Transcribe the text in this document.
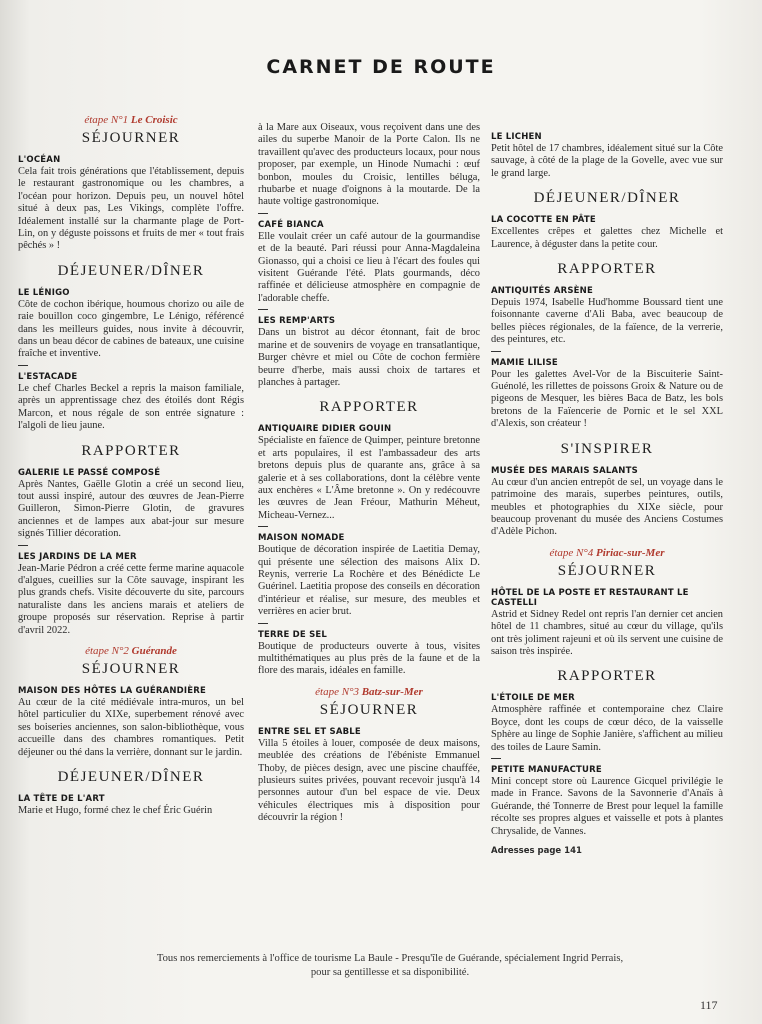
CARNET DE ROUTE
étape N°1 Le Croisic
SÉJOURNER
L'OCÉAN

Cela fait trois générations que l'établissement, depuis le restaurant gastronomique ou les chambres, a l'océan pour horizon. Depuis peu, un nouvel hôtel situé à deux pas, Les Vikings, complète l'offre. Idéalement installé sur la charmante plage de Port-Lin, on y déguste poissons et fruits de mer « tout frais pêchés » !

DÉJEUNER/DÎNER
LE LÉNIGO

Côte de cochon ibérique, houmous chorizo ou aile de raie bouillon coco gingembre, Le Lénigo, référencé dans les meilleurs guides, nous invite à découvrir, dans un beau décor de cabines de bateaux, une cuisine fraîche et inventive.

L'ESTACADE

Le chef Charles Beckel a repris la maison familiale, après un apprentissage chez des étoilés dont Régis Marcon, et nous régale de son entrée signature : l'algoli de lieu jaune.

RAPPORTER
GALERIE LE PASSÉ COMPOSÉ

Après Nantes, Gaëlle Glotin a créé un second lieu, tout aussi inspiré, autour des œuvres de Jean-Pierre Guilleron, Simon-Pierre Glotin, de gravures anciennes et de lampes aux abat-jour sur mesure signés Tillier décoration.

LES JARDINS DE LA MER

Jean-Marie Pédron a créé cette ferme marine aquacole d'algues, cueillies sur la Côte sauvage, inspirant les plus grands chefs. Visite découverte du site, parcours naturaliste dans les anciens marais et ateliers de groupe proposés sur réservation. Reprise à partir d'avril 2022.

étape N°2 Guérande
SÉJOURNER
MAISON DES HÔTES LA GUÉRANDIÈRE

Au cœur de la cité médiévale intra-muros, un bel hôtel particulier du XIXe, superbement rénové avec ses boiseries anciennes, son salon-bibliothèque, vous accueille dans des chambres romantiques. Petit déjeuner ou thé dans la verrière, donnant sur le jardin.

DÉJEUNER/DÎNER
LA TÊTE DE L'ART

Marie et Hugo, formé chez le chef Éric Guérin

à la Mare aux Oiseaux, vous reçoivent dans une des ailes du superbe Manoir de la Porte Calon. Ils ne travaillent qu'avec des producteurs locaux, pour nous proposer, par exemple, un Hinode Numachi : œuf bonbon, moules du Croisic, lentilles béluga, rhubarbe et nuage d'oignons à la moutarde. De la haute voltige gastronomique.

CAFÉ BIANCA

Elle voulait créer un café autour de la gourmandise et de la beauté. Pari réussi pour Anna-Magdaleina Gionasso, qui a choisi ce lieu à l'écart des foules qui visitent Guérande l'été. Plats gourmands, déco raffinée et délicieuse atmosphère en compagnie de l'adorable cheffe.

LES REMP'ARTS

Dans un bistrot au décor étonnant, fait de broc marine et de souvenirs de voyage en transatlantique, Burger chèvre et miel ou Côte de cochon fermière beurre d'herbe, mais aussi choix de tartares et planches à partager.

RAPPORTER
ANTIQUAIRE DIDIER GOUIN

Spécialiste en faïence de Quimper, peinture bretonne et arts populaires, il est l'ambassadeur des arts bretons depuis plus de quarante ans, grâce à sa galerie et à ses collaborations, dont la célèbre vente aux enchères « L'Âme bretonne ». On y redécouvre les œuvres de Jean Fréour, Mathurin Méheut, Micheau-Vernez...

MAISON NOMADE

Boutique de décoration inspirée de Laetitia Demay, qui présente une sélection des maisons Alix D. Reynis, verrerie La Rochère et des Bénédicte Le Guérinel. Laetitia propose des conseils en décoration d'intérieur et réalise, sur mesure, des meubles et verrières en acier brut.

TERRE DE SEL

Boutique de producteurs ouverte à tous, visites multithématiques au plus près de la faune et de la flore des marais, idéales en famille.

étape N°3 Batz-sur-Mer
SÉJOURNER
ENTRE SEL ET SABLE

Villa 5 étoiles à louer, composée de deux maisons, meublée des créations de l'ébéniste Emmanuel Thoby, de pièces design, avec une piscine chauffée, plusieurs suites privées, pouvant recevoir jusqu'à 14 personnes autour d'un bel espace de vie. Deux véhicules électriques mis à disposition pour découvrir la région !

LE LICHEN

Petit hôtel de 17 chambres, idéalement situé sur la Côte sauvage, à côté de la plage de la Govelle, avec vue sur le grand large.

DÉJEUNER/DÎNER
LA COCOTTE EN PÂTE

Excellentes crêpes et galettes chez Michelle et Laurence, à déguster dans la petite cour.

RAPPORTER
ANTIQUITÉS ARSÈNE

Depuis 1974, Isabelle Hud'homme Boussard tient une foisonnante caverne d'Ali Baba, avec beaucoup de belles pièces régionales, de la faïence, de la verrerie, des peintures, etc.

MAMIE LILISE

Pour les galettes Avel-Vor de la Biscuiterie Saint-Guénolé, les rillettes de poissons Groix & Nature ou de pigeons de Mesquer, les bières Baca de Batz, les bols bretons de la Faïencerie de Pornic et le sel XXL d'Alexis, son créateur !

S'INSPIRER
MUSÉE DES MARAIS SALANTS

Au cœur d'un ancien entrepôt de sel, un voyage dans le patrimoine des marais, superbes peintures, outils, meubles et photographies du XIXe siècle, pour beaucoup provenant du musée des Anciens Costumes d'Adèle Pichon.

étape N°4 Piriac-sur-Mer
SÉJOURNER
HÔTEL DE LA POSTE ET RESTAURANT LE CASTELLI

Astrid et Sidney Redel ont repris l'an dernier cet ancien hôtel de 11 chambres, situé au cœur du village, qu'ils ont très joliment rajeuni et où ils servent une cuisine de saison très inspirée.

RAPPORTER
L'ÉTOILE DE MER

Atmosphère raffinée et contemporaine chez Claire Boyce, dont les coups de cœur déco, de la vaisselle Sphère au linge de Sophie Janière, s'affichent au milieu des toiles de Laure Samin.

PETITE MANUFACTURE

Mini concept store où Laurence Gicquel privilégie le made in France. Savons de la Savonnerie d'Anaïs à Guérande, thé Tonnerre de Brest pour lequel la famille récolte ses propres algues et vaisselle et pots à plantes Chrysalide, de Vannes.

Adresses page 141
Tous nos remerciements à l'office de tourisme La Baule - Presqu'île de Guérande, spécialement Ingrid Perrais,
pour sa gentillesse et sa disponibilité.
117
